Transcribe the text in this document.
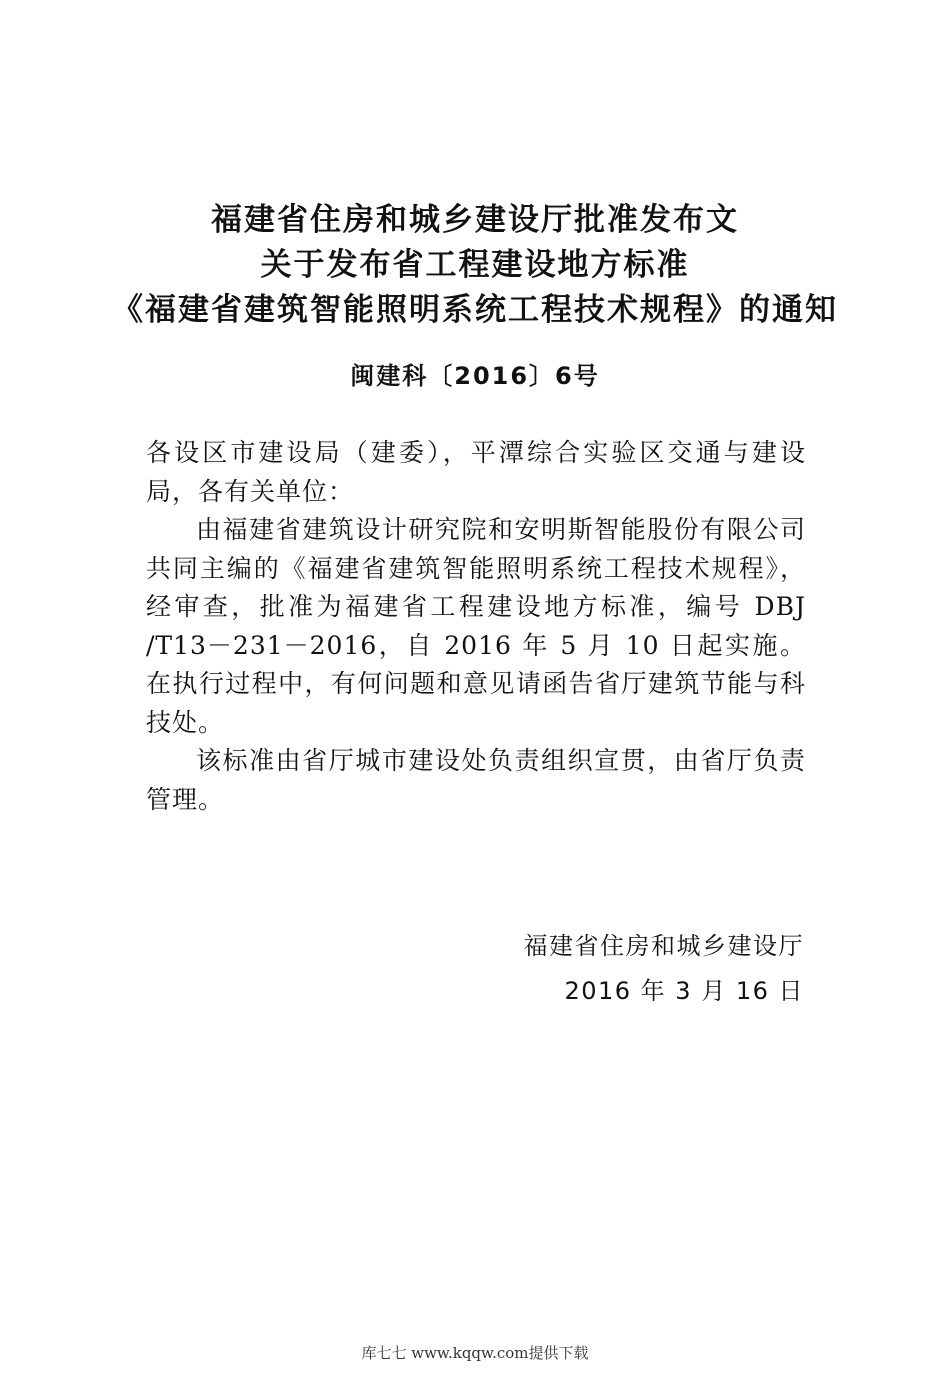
福建省住房和城乡建设厅批准发布文
关于发布省工程建设地方标准
《福建省建筑智能照明系统工程技术规程》的通知
闽建科〔2016〕6号

各设区市建设局（建委），平潭综合实验区交通与建设局，各有关单位：

由福建省建筑设计研究院和安明斯智能股份有限公司共同主编的《福建省建筑智能照明系统工程技术规程》，经审查，批准为福建省工程建设地方标准，编号 DBJ /T13－231－2016，自 2016 年 5 月 10 日起实施。在执行过程中，有何问题和意见请函告省厅建筑节能与科技处。

该标准由省厅城市建设处负责组织宣贯，由省厅负责管理。

福建省住房和城乡建设厅
2016 年 3 月 16 日
库七七 www.kqqw.com提供下载
